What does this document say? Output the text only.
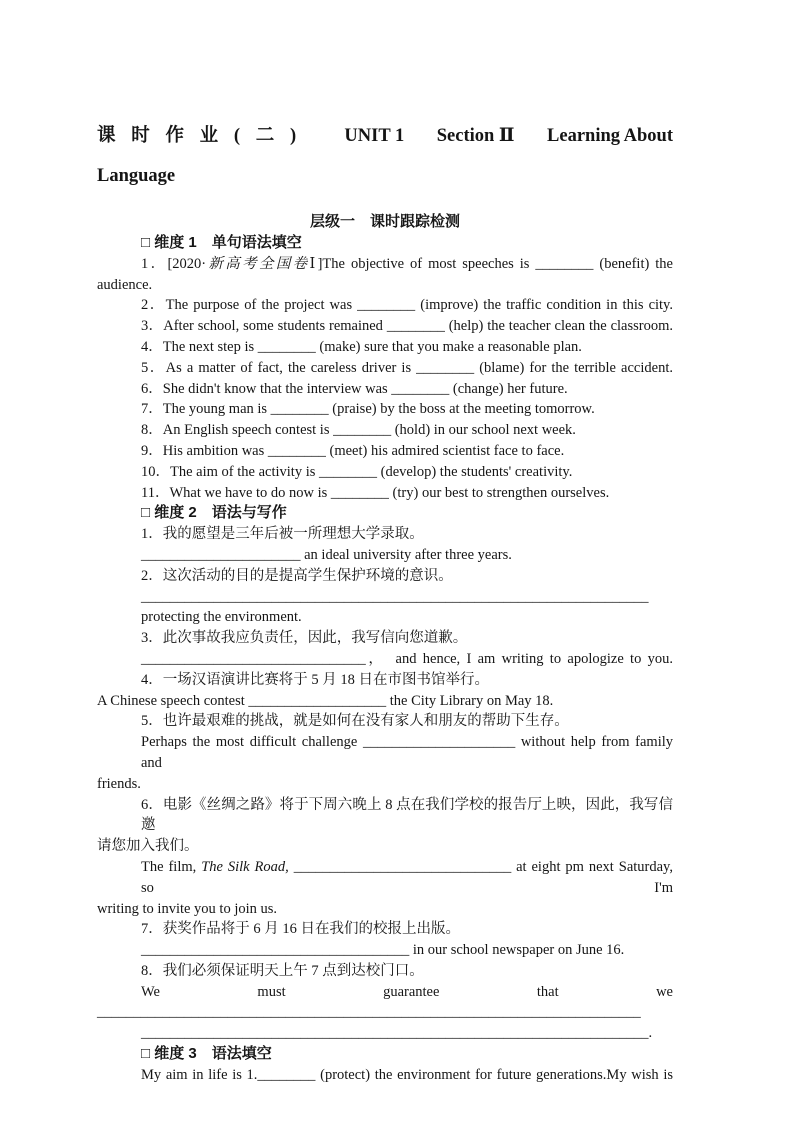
课时作业(二) UNIT 1 Section Ⅱ Learning About
Language
层级一　课时跟踪检测
□ 维度 1　单句语法填空
1．[2020·新高考全国卷Ⅰ]The objective of most speeches is ________ (benefit) the
audience.
2．The purpose of the project was ________ (improve) the traffic condition in this city.
3．After school, some students remained ________ (help) the teacher clean the classroom.
4．The next step is ________ (make) sure that you make a reasonable plan.
5．As a matter of fact, the careless driver is ________ (blame) for the terrible accident.
6．She didn't know that the interview was ________ (change) her future.
7．The young man is ________ (praise) by the boss at the meeting tomorrow.
8．An English speech contest is ________ (hold) in our school next week.
9．His ambition was ________ (meet) his admired scientist face to face.
10．The aim of the activity is ________ (develop) the students' creativity.
11．What we have to do now is ________ (try) our best to strengthen ourselves.
□ 维度 2　语法与写作
1．我的愿望是三年后被一所理想大学录取。
______________________ an ideal university after three years.
2．这次活动的目的是提高学生保护环境的意识。
______________________________________________________________________
protecting the environment.
3．此次事故我应负责任，因此，我写信向您道歉。
_______________________________，　and hence, I am writing to apologize to you.
4．一场汉语演讲比赛将于 5 月 18 日在市图书馆举行。
A Chinese speech contest ___________________ the City Library on May 18.
5．也许最艰难的挑战，就是如何在没有家人和朋友的帮助下生存。
Perhaps the most difficult challenge _____________________ without help from family and
friends.
6．电影《丝绸之路》将于下周六晚上 8 点在我们学校的报告厅上映，因此，我写信邀
请您加入我们。
The film, The Silk Road, ______________________________ at eight pm next Saturday, so I'm
writing to invite you to join us.
7．获奖作品将于 6 月 16 日在我们的校报上出版。
_____________________________________ in our school newspaper on June 16.
8．我们必须保证明天上午 7 点到达校门口。
We must guarantee that we
___________________________________________________________________________
______________________________________________________________________.
□ 维度 3　语法填空
My aim in life is 1.________ (protect) the environment for future generations.My wish is
